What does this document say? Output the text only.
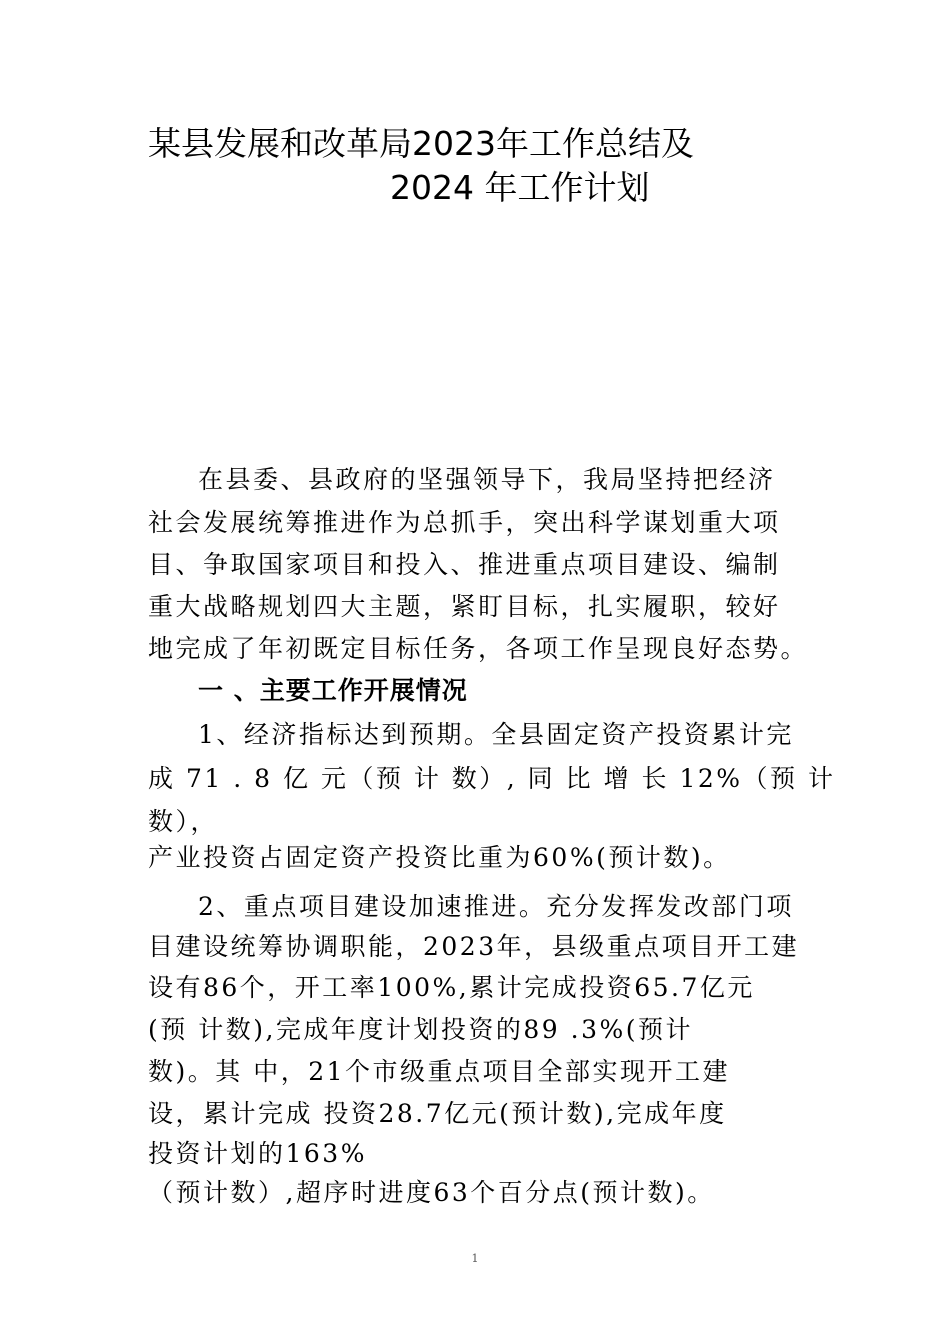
某县发展和改革局2023年工作总结及
2024 年工作计划
在县委、县政府的坚强领导下，我局坚持把经济
社会发展统筹推进作为总抓手，突出科学谋划重大项
目、争取国家项目和投入、推进重点项目建设、编制
重大战略规划四大主题，紧盯目标，扎实履职，较好
地完成了年初既定目标任务，各项工作呈现良好态势。
一 、主要工作开展情况
1、经济指标达到预期。全县固定资产投资累计完
成 71 . 8 亿 元（预 计 数）, 同 比 增 长 12%（预 计
数），
产业投资占固定资产投资比重为60%(预计数)。
2、重点项目建设加速推进。充分发挥发改部门项
目建设统筹协调职能，2023年，县级重点项目开工建
设有86个，开工率100%,累计完成投资65.7亿元
(预 计数),完成年度计划投资的89 .3%(预计
数)。其 中，21个市级重点项目全部实现开工建
设，累计完成 投资28.7亿元(预计数),完成年度
投资计划的163%
（预计数）,超序时进度63个百分点(预计数)。
1
